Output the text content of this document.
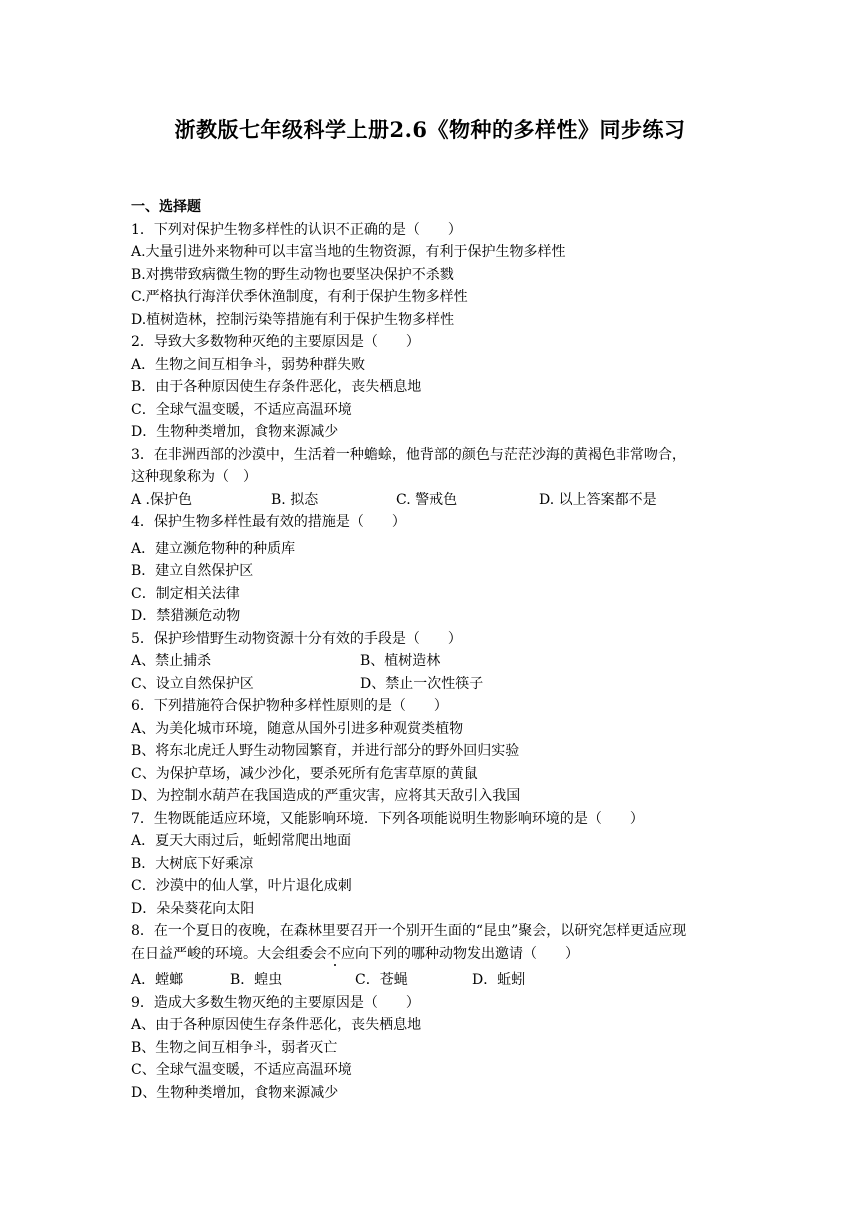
浙教版七年级科学上册2.6《物种的多样性》同步练习
一、选择题
1．下列对保护生物多样性的认识不正确的是（　　）
A.大量引进外来物种可以丰富当地的生物资源，有利于保护生物多样性
B.对携带致病微生物的野生动物也要坚决保护不杀戮
C.严格执行海洋伏季休渔制度，有利于保护生物多样性
D.植树造林，控制污染等措施有利于保护生物多样性
2．导致大多数物种灭绝的主要原因是（　　）
A．生物之间互相争斗，弱势种群失败
B．由于各种原因使生存条件恶化，丧失栖息地
C．全球气温变暖，不适应高温环境
D．生物种类增加，食物来源减少
3．在非洲西部的沙漠中，生活着一种蟾蜍，他背部的颜色与茫茫沙海的黄褐色非常吻合，
这种现象称为（　）
A .保护色	B. 拟态	C. 警戒色	D. 以上答案都不是
4．保护生物多样性最有效的措施是（　　）
A．建立濒危物种的种质库
B．建立自然保护区
C．制定相关法律
D．禁猎濒危动物
5．保护珍惜野生动物资源十分有效的手段是（　　）
A、禁止捕杀	B、植树造林
C、设立自然保护区	D、禁止一次性筷子
6．下列措施符合保护物种多样性原则的是（　　）
A、为美化城市环境，随意从国外引进多种观赏类植物
B、将东北虎迁人野生动物园繁育，并进行部分的野外回归实验
C、为保护草场，减少沙化，要杀死所有危害草原的黄鼠
D、为控制水葫芦在我国造成的严重灾害，应将其天敌引入我国
7．生物既能适应环境，又能影响环境．下列各项能说明生物影响环境的是（　　）
A．夏天大雨过后，蚯蚓常爬出地面
B．大树底下好乘凉
C．沙漠中的仙人掌，叶片退化成刺
D．朵朵葵花向太阳
8．在一个夏日的夜晚，在森林里要召开一个别开生面的“昆虫”聚会，以研究怎样更适应现
在日益严峻的环境。大会组委会不应向下列的哪种动物发出邀请（　　）
A．螳螂	B．蝗虫	C．苍蝇	D．蚯蚓
9．造成大多数生物灭绝的主要原因是（　　）
A、由于各种原因使生存条件恶化，丧失栖息地
B、生物之间互相争斗，弱者灭亡
C、全球气温变暖，不适应高温环境
D、生物种类增加，食物来源减少
